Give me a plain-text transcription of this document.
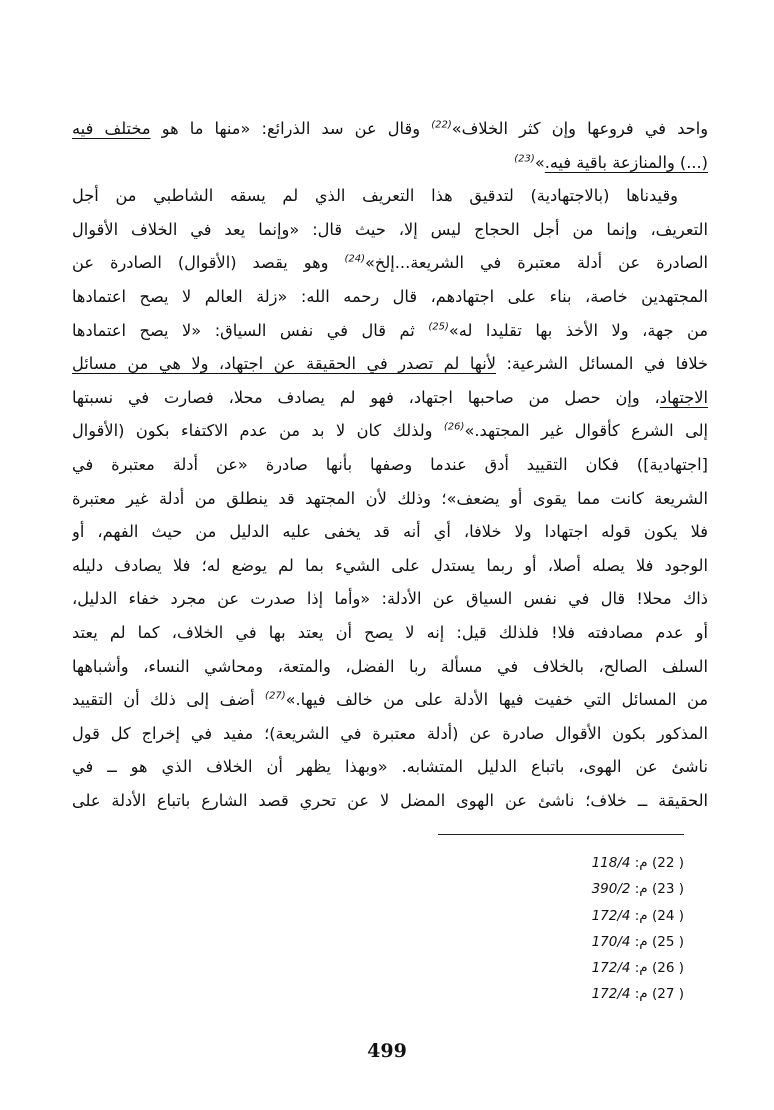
واحد في فروعها وإن كثر الخلاف»$^{(22)}$ وقال عن سد الذرائع: «منها ما هو مختلف فيه
(...) والمنازعة باقية فيه.»$^{(23)}$
وقيدناها (بالاجتهادية) لتدقيق هذا التعريف الذي لم يسقه الشاطبي من أجل
التعريف، وإنما من أجل الحجاج ليس إلا، حيث قال: «وإنما يعد في الخلاف الأقوال
الصادرة عن أدلة معتبرة في الشريعة...إلخ»$^{(24)}$ وهو يقصد (الأقوال) الصادرة عن
المجتهدين خاصة، بناء على اجتهادهم، قال رحمه الله: «زلة العالم لا يصح اعتمادها
من جهة، ولا الأخذ بها تقليدا له»$^{(25)}$ ثم قال في نفس السياق: «لا يصح اعتمادها
خلافا في المسائل الشرعية: لأنها لم تصدر في الحقيقة عن اجتهاد، ولا هي من مسائل
الاجتهاد، وإن حصل من صاحبها اجتهاد، فهو لم يصادف محلا، فصارت في نسبتها
إلى الشرع كأقوال غير المجتهد.»$^{(26)}$ ولذلك كان لا بد من عدم الاكتفاء بكون (الأقوال
[اجتهادية]) فكان التقييد أدق عندما وصفها بأنها صادرة «عن أدلة معتبرة في
الشريعة كانت مما يقوى أو يضعف»؛ وذلك لأن المجتهد قد ينطلق من أدلة غير معتبرة
فلا يكون قوله اجتهادا ولا خلافا، أي أنه قد يخفى عليه الدليل من حيث الفهم، أو
الوجود فلا يصله أصلا، أو ربما يستدل على الشيء بما لم يوضع له؛ فلا يصادف دليله
ذاك محلا! قال في نفس السياق عن الأدلة: «وأما إذا صدرت عن مجرد خفاء الدليل،
أو عدم مصادفته فلا! فلذلك قيل: إنه لا يصح أن يعتد بها في الخلاف، كما لم يعتد
السلف الصالح، بالخلاف في مسألة ربا الفضل، والمتعة، ومحاشي النساء، وأشباهها
من المسائل التي خفيت فيها الأدلة على من خالف فيها.»$^{(27)}$ أضف إلى ذلك أن التقييد
المذكور بكون الأقوال صادرة عن (أدلة معتبرة في الشريعة)؛ مفيد في إخراج كل قول
ناشئ عن الهوى، باتباع الدليل المتشابه. «وبهذا يظهر أن الخلاف الذي هو ــ في
الحقيقة ــ خلاف؛ ناشئ عن الهوى المضل لا عن تحري قصد الشارع باتباع الأدلة على
( 22) م: 118/4
( 23) م: 390/2
( 24) م: 172/4
( 25) م: 170/4
( 26) م: 172/4
( 27) م: 172/4
499
